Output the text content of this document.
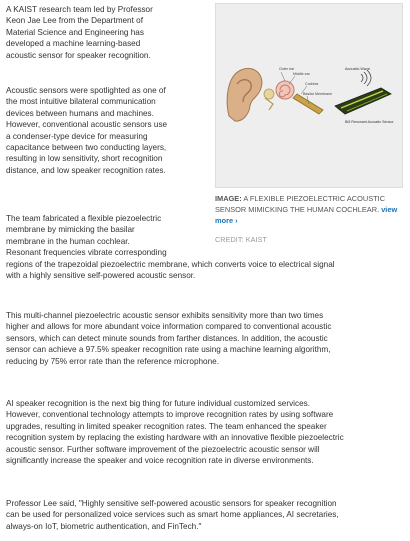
A KAIST research team led by Professor
Keon Jae Lee from the Department of
Material Science and Engineering has
developed a machine learning-based
acoustic sensor for speaker recognition.
Acoustic sensors were spotlighted as one of
the most intuitive bilateral communication
devices between humans and machines.
However, conventional acoustic sensors use
a condenser-type device for measuring
capacitance between two conducting layers,
resulting in low sensitivity, short recognition
distance, and low speaker recognition rates.
The team fabricated a flexible piezoelectric
membrane by mimicking the basilar
membrane in the human cochlear.
Resonant frequencies vibrate corresponding
regions of the trapezoidal piezoelectric membrane, which converts voice to electrical signal
with a highly sensitive self-powered acoustic sensor.
This multi-channel piezoelectric acoustic sensor exhibits sensitivity more than two times
higher and allows for more abundant voice information compared to conventional acoustic
sensors, which can detect minute sounds from farther distances. In addition, the acoustic
sensor can achieve a 97.5% speaker recognition rate using a machine learning algorithm,
reducing by 75% error rate than the reference microphone.
AI speaker recognition is the next big thing for future individual customized services.
However, conventional technology attempts to improve recognition rates by using software
upgrades, resulting in limited speaker recognition rates. The team enhanced the speaker
recognition system by replacing the existing hardware with an innovative flexible piezoelectric
acoustic sensor. Further software improvement of the piezoelectric acoustic sensor will
significantly increase the speaker and voice recognition rate in diverse environments.
Professor Lee said, "Highly sensitive self-powered acoustic sensors for speaker recognition
can be used for personalized voice services such as smart home appliances, AI secretaries,
always-on IoT, biometric authentication, and FinTech."
Outer ear
Middle ear
Cochlea
Basilar Membrane
Acoustic Wave
BM Resonant Acoustic Sensor
IMAGE: A FLEXIBLE PIEZOELECTRIC ACOUSTIC
SENSOR MIMICKING THE HUMAN COCHLEAR. view
more ›
CREDIT: KAIST
